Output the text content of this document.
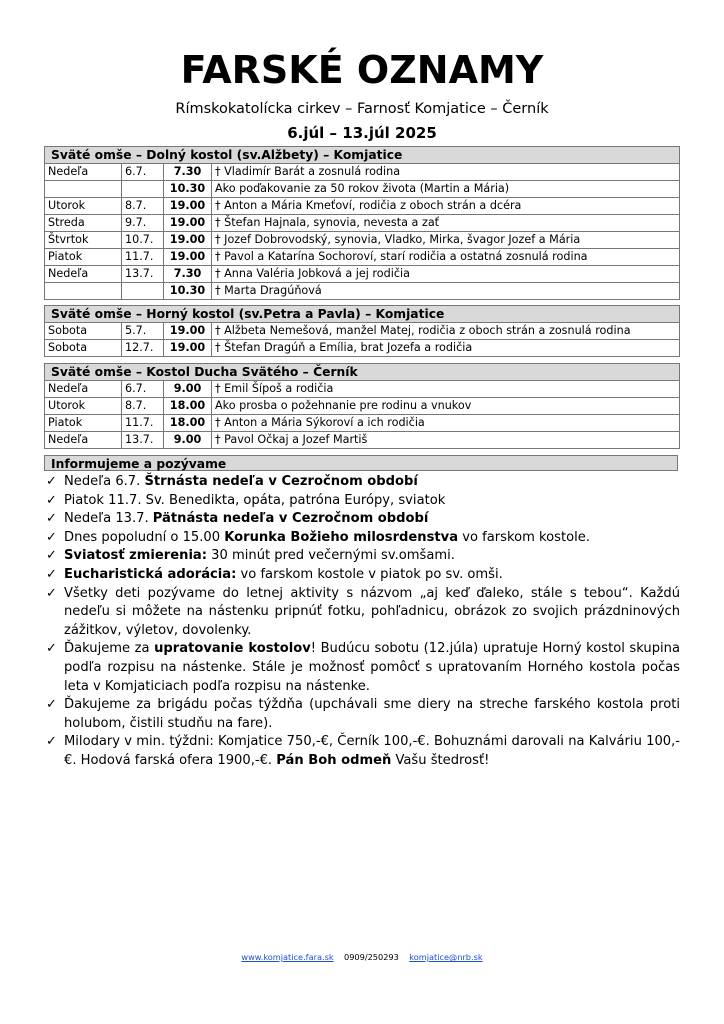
FARSKÉ OZNAMY
Rímskokatolícka cirkev – Farnosť Komjatice – Černík
6.júl – 13.júl 2025
Sväté omše – Dolný kostol (sv.Alžbety) – Komjatice			
Nedeľa	6.7.	7.30	† Vladimír Barát a zosnulá rodina
		10.30	Ako poďakovanie za 50 rokov života (Martin a Mária)
Utorok	8.7.	19.00	† Anton a Mária Kmeťoví, rodičia z oboch strán a dcéra
Streda	9.7.	19.00	† Štefan Hajnala, synovia, nevesta a zať
Štvrtok	10.7.	19.00	† Jozef Dobrovodský, synovia, Vladko, Mirka, švagor Jozef a Mária
Piatok	11.7.	19.00	† Pavol a Katarína Sochoroví, starí rodičia a ostatná zosnulá rodina
Nedeľa	13.7.	7.30	† Anna Valéria Jobková a jej rodičia
		10.30	† Marta Dragúňová
Sväté omše – Horný kostol (sv.Petra a Pavla) – Komjatice			
Sobota	5.7.	19.00	† Alžbeta Nemešová, manžel Matej, rodičia z oboch strán a zosnulá rodina
Sobota	12.7.	19.00	† Štefan Dragúň a Emília, brat Jozefa a rodičia
Sväté omše – Kostol Ducha Svätého – Černík			
Nedeľa	6.7.	9.00	† Emil Šípoš a rodičia
Utorok	8.7.	18.00	Ako prosba o požehnanie pre rodinu a vnukov
Piatok	11.7.	18.00	† Anton a Mária Sýkoroví a ich rodičia
Nedeľa	13.7.	9.00	† Pavol Očkaj a Jozef Martiš
Informujeme a pozývame
✓ Nedeľa 6.7. Štrnásta nedeľa v Cezročnom období
✓ Piatok 11.7. Sv. Benedikta, opáta, patróna Európy, sviatok
✓ Nedeľa 13.7. Pätnásta nedeľa v Cezročnom období
✓ Dnes popoludní o 15.00 Korunka Božieho milosrdenstva vo farskom kostole.
✓ Sviatosť zmierenia: 30 minút pred večernými sv.omšami.
✓ Eucharistická adorácia: vo farskom kostole v piatok po sv. omši.
✓ Všetky deti pozývame do letnej aktivity s názvom „aj keď ďaleko, stále s tebou“. Každú nedeľu si môžete na nástenku pripnúť fotku, pohľadnicu, obrázok zo svojich prázdninových zážitkov, výletov, dovolenky.
✓ Ďakujeme za upratovanie kostolov! Budúcu sobotu (12.júla) upratuje Horný kostol skupina podľa rozpisu na nástenke. Stále je možnosť pomôcť s upratovaním Horného kostola počas leta v Komjaticiach podľa rozpisu na nástenke.
✓ Ďakujeme za brigádu počas týždňa (upchávali sme diery na streche farského kostola proti holubom, čistili studňu na fare).
✓ Milodary v min. týždni: Komjatice 750,-€, Černík 100,-€. Bohuznámi darovali na Kalváriu 100,-€. Hodová farská ofera 1900,-€. Pán Boh odmeň Vašu štedrosť!
www.komjatice.fara.sk 0909/250293 komjatice@nrb.sk
